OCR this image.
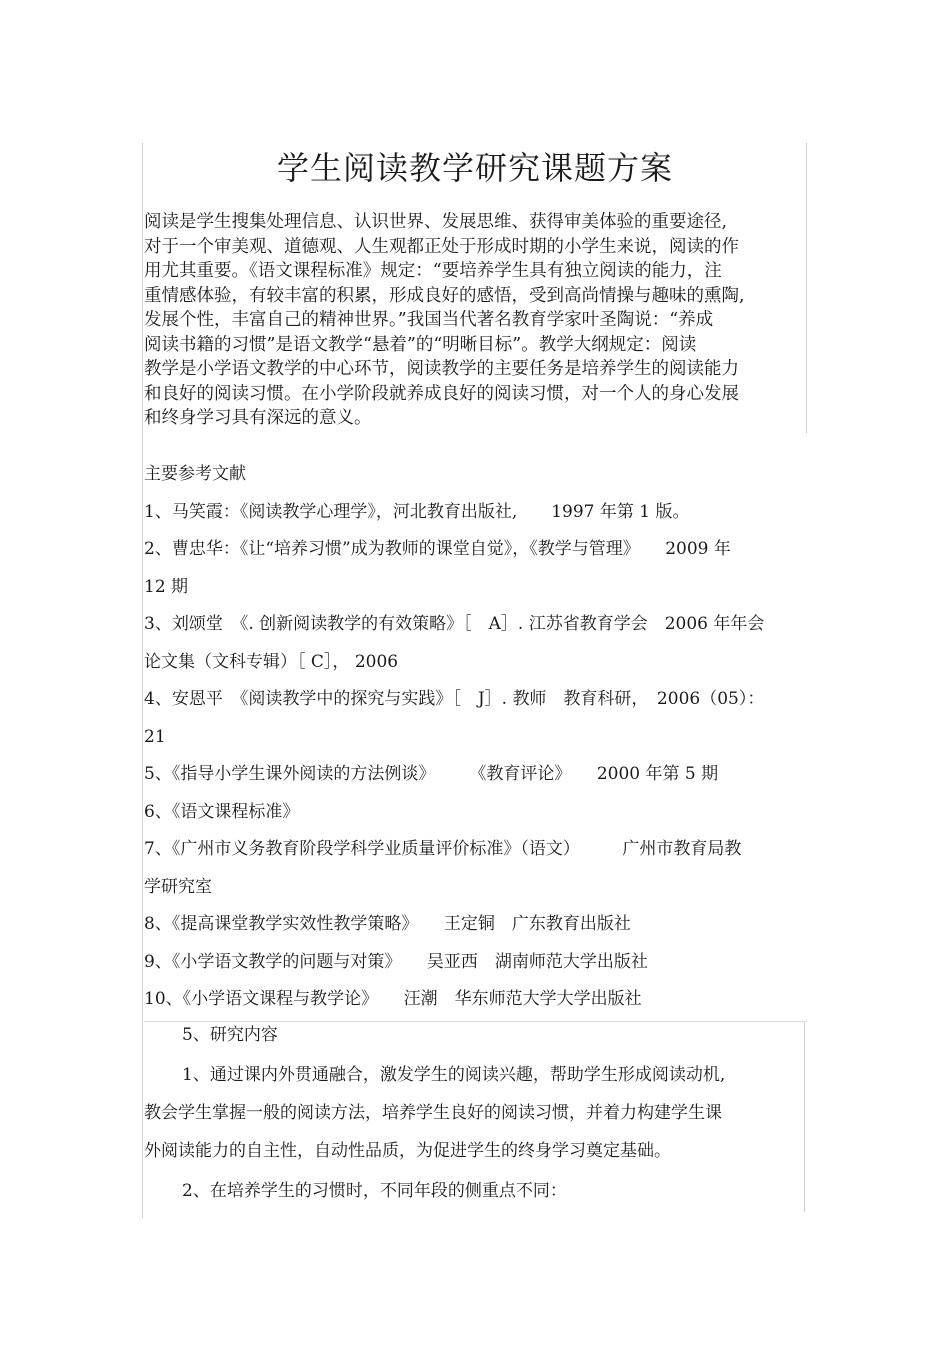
学生阅读教学研究课题方案
阅读是学生搜集处理信息、认识世界、发展思维、获得审美体验的重要途径,
对于一个审美观、道德观、人生观都正处于形成时期的小学生来说，阅读的作
用尤其重要。《语文课程标准》规定：“要培养学生具有独立阅读的能力，注
重情感体验，有较丰富的积累，形成良好的感悟，受到高尚情操与趣味的熏陶,
发展个性，丰富自己的精神世界。”我国当代著名教育学家叶圣陶说：“养成
阅读书籍的习惯”是语文教学“悬着”的“明晰目标”。教学大纲规定：阅读
教学是小学语文教学的中心环节，阅读教学的主要任务是培养学生的阅读能力
和良好的阅读习惯。在小学阶段就养成良好的阅读习惯，对一个人的身心发展
和终身学习具有深远的意义。
主要参考文献
1、马笑霞：《阅读教学心理学》，河北教育出版社,　　1997 年第 1 版。
2、曹忠华：《让“培养习惯”成为教师的课堂自觉》，《教学与管理》　　2009 年
12 期
3、刘颂堂　《. 创新阅读教学的有效策略》［　A］. 江苏省教育学会　2006 年年会
论文集（文科专辑）［ C］， 2006
4、安恩平　《阅读教学中的探究与实践》［　J］. 教师　教育科研，　2006（05）：
21
5、《指导小学生课外阅读的方法例谈》　　　《教育评论》　　2000 年第 5 期
6、《语文课程标准》
7、《广州市义务教育阶段学科学业质量评价标准》（语文）　　　广州市教育局教
学研究室
8、《提高课堂教学实效性教学策略》　　王定铜　广东教育出版社
9、《小学语文教学的问题与对策》　　吴亚西　湖南师范大学出版社
10、《小学语文课程与教学论》　　汪潮　华东师范大学大学出版社
5、研究内容
1、通过课内外贯通融合，激发学生的阅读兴趣，帮助学生形成阅读动机,
教会学生掌握一般的阅读方法，培养学生良好的阅读习惯，并着力构建学生课
外阅读能力的自主性，自动性品质，为促进学生的终身学习奠定基础。
2、在培养学生的习惯时，不同年段的侧重点不同：
